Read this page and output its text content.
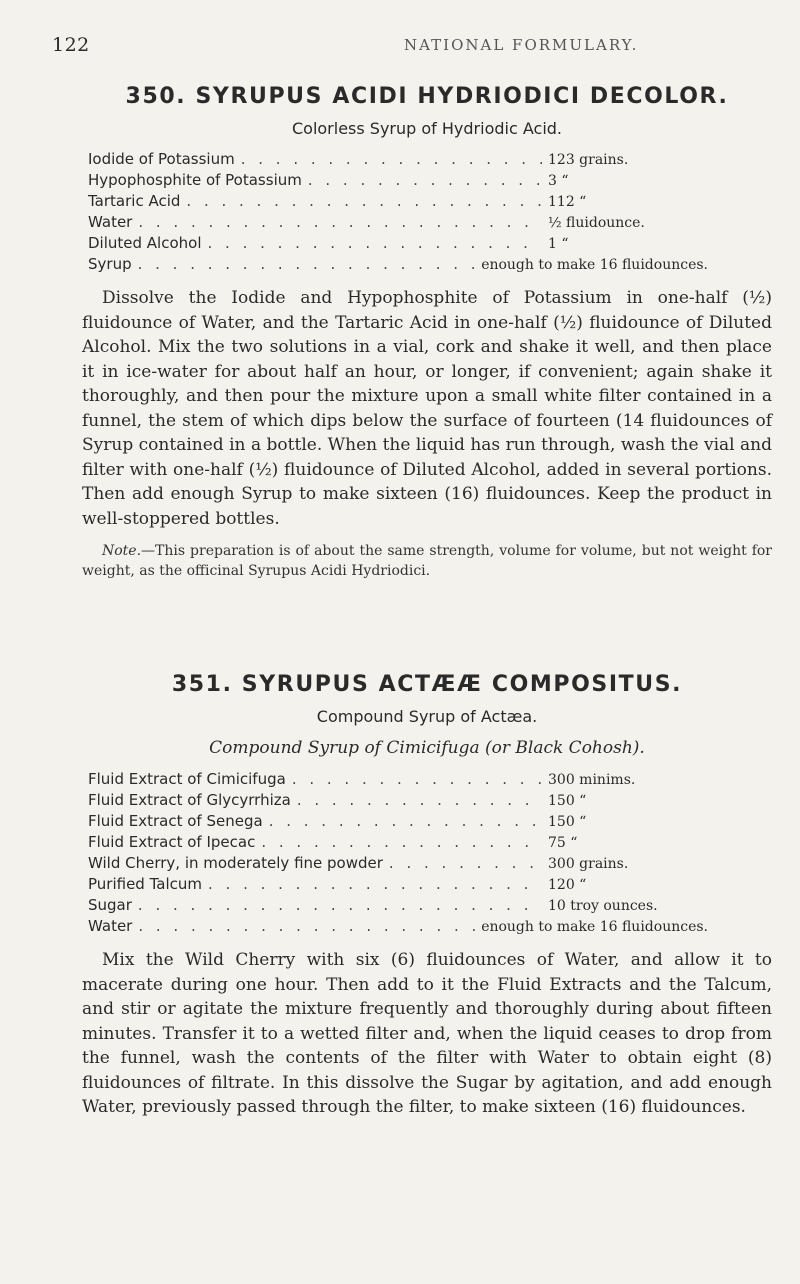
122	NATIONAL FORMULARY.
350. SYRUPUS ACIDI HYDRIODICI DECOLOR.
Colorless Syrup of Hydriodic Acid.
Iodide of Potassium . . .	123 grains.
Hypophosphite of Potassium . . .	3 “
Tartaric Acid . . .	112 “
Water . . .	½ fluidounce.
Diluted Alcohol . . .	1 “
Syrup . . .	enough to make 16 fluidounces.

Dissolve the Iodide and Hypophosphite of Potassium in one-half (½) fluidounce of Water, and the Tartaric Acid in one-half (½) fluidounce of Diluted Alcohol. Mix the two solutions in a vial, cork and shake it well, and then place it in ice-water for about half an hour, or longer, if convenient; again shake it thoroughly, and then pour the mixture upon a small white filter contained in a funnel, the stem of which dips below the surface of fourteen (14 fluidounces of Syrup contained in a bottle. When the liquid has run through, wash the vial and filter with one-half (½) fluidounce of Diluted Alcohol, added in several portions. Then add enough Syrup to make sixteen (16) fluidounces. Keep the product in well-stoppered bottles.

Note.—This preparation is of about the same strength, volume for volume, but not weight for weight, as the officinal Syrupus Acidi Hydriodici.

351. SYRUPUS ACTÆÆ COMPOSITUS.
Compound Syrup of Actæa.
Compound Syrup of Cimicifuga (or Black Cohosh).
Fluid Extract of Cimicifuga . . .	300 minims.
Fluid Extract of Glycyrrhiza . . .	150 “
Fluid Extract of Senega . . .	150 “
Fluid Extract of Ipecac . . .	75 “
Wild Cherry, in moderately fine powder . . .	300 grains.
Purified Talcum . . .	120 “
Sugar . . .	10 troy ounces.
Water . . .	enough to make 16 fluidounces.

Mix the Wild Cherry with six (6) fluidounces of Water, and allow it to macerate during one hour. Then add to it the Fluid Extracts and the Talcum, and stir or agitate the mixture frequently and thoroughly during about fifteen minutes. Transfer it to a wetted filter and, when the liquid ceases to drop from the funnel, wash the contents of the filter with Water to obtain eight (8) fluidounces of filtrate. In this dissolve the Sugar by agitation, and add enough Water, previously passed through the filter, to make sixteen (16) fluidounces.
